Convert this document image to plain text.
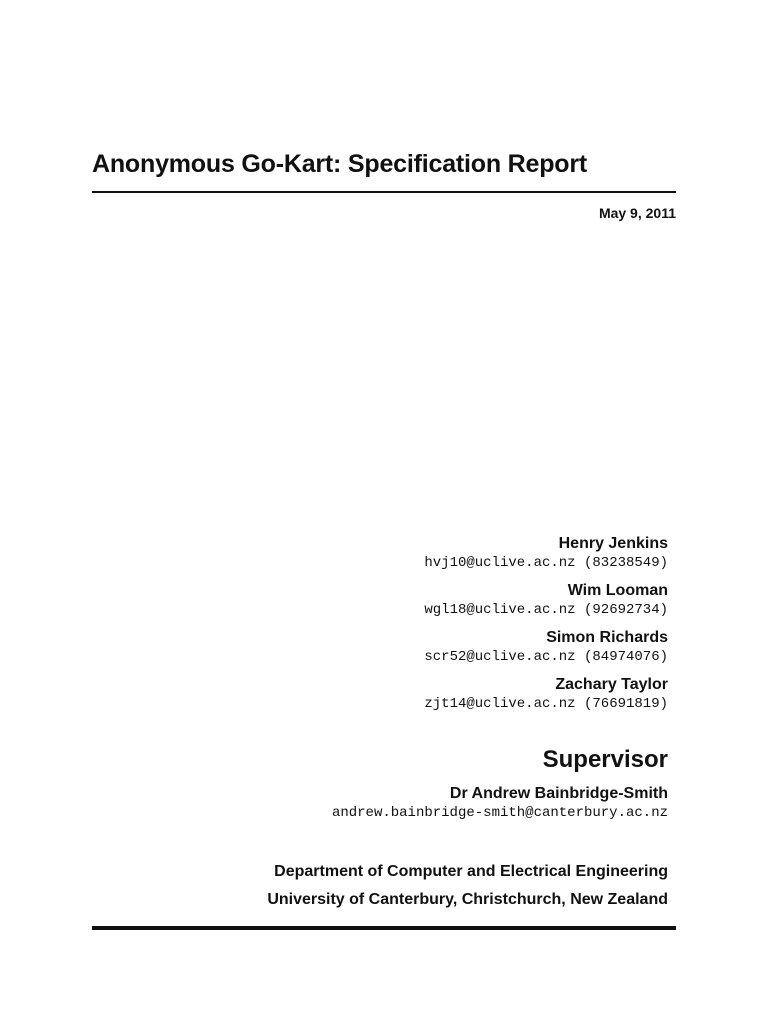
Anonymous Go-Kart: Specification Report
May 9, 2011
Henry Jenkins
hvj10@uclive.ac.nz (83238549)
Wim Looman
wgl18@uclive.ac.nz (92692734)
Simon Richards
scr52@uclive.ac.nz (84974076)
Zachary Taylor
zjt14@uclive.ac.nz (76691819)
Supervisor
Dr Andrew Bainbridge-Smith
andrew.bainbridge-smith@canterbury.ac.nz
Department of Computer and Electrical Engineering
University of Canterbury, Christchurch, New Zealand
